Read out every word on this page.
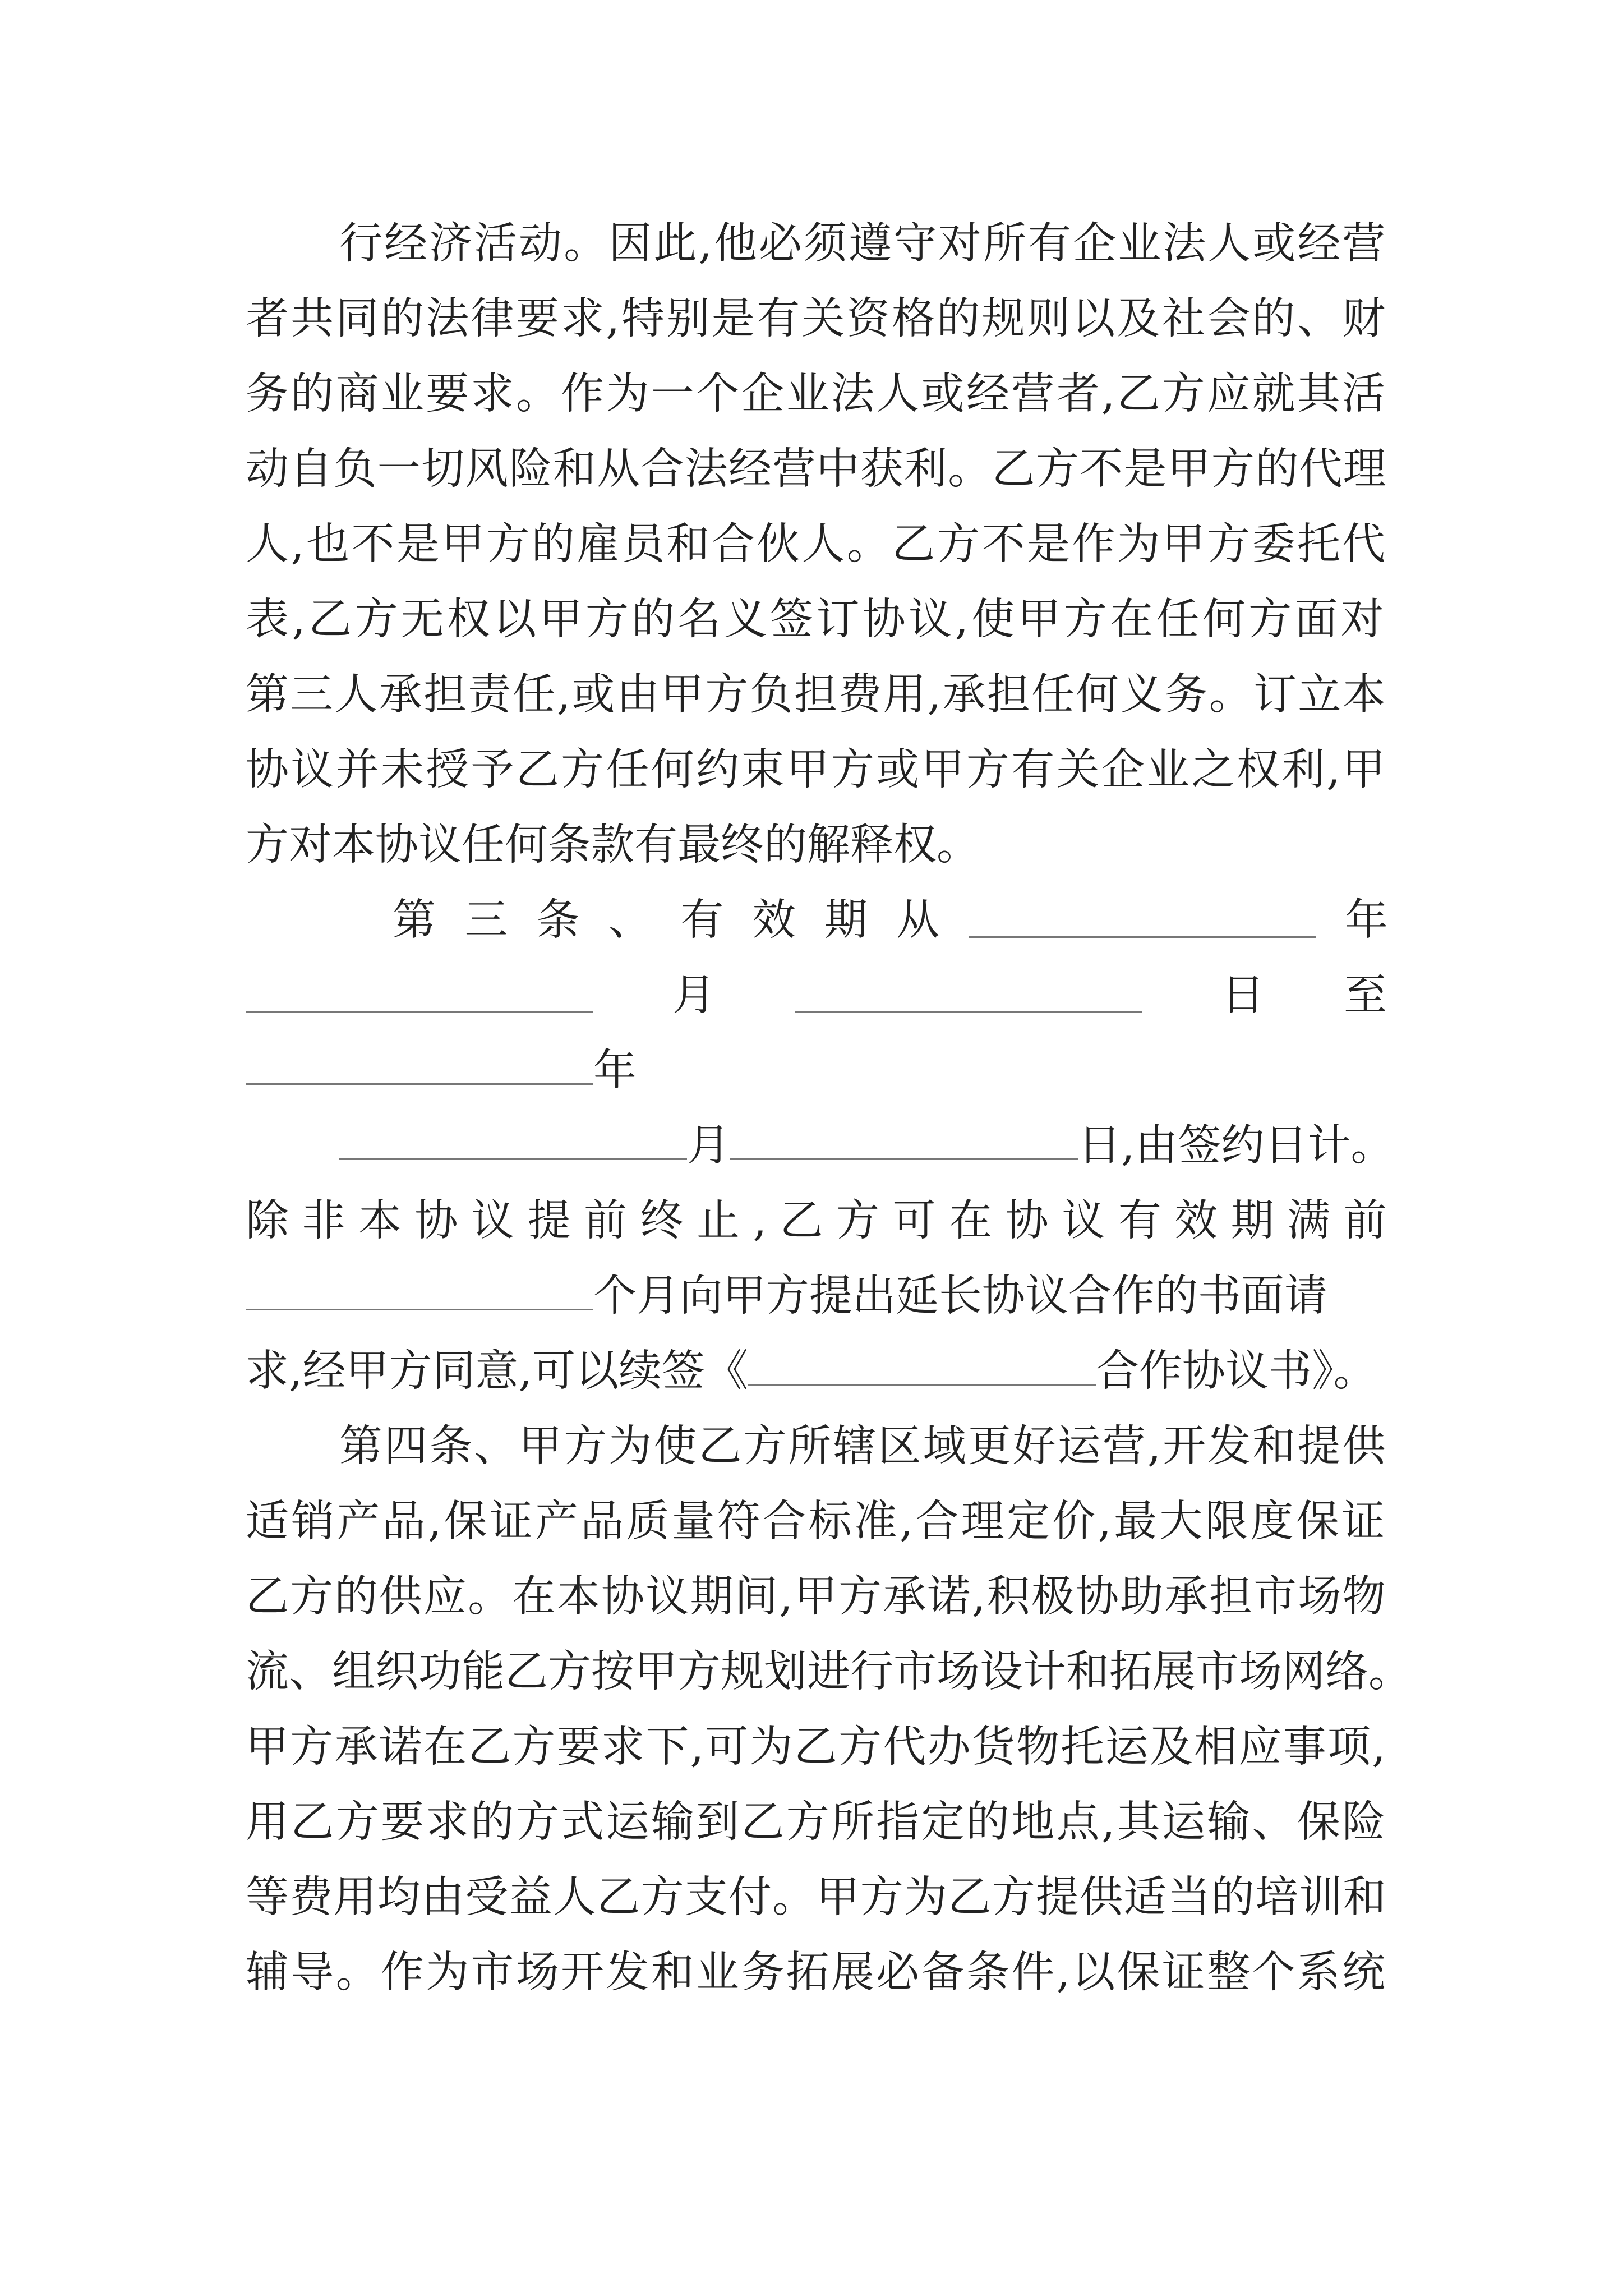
行经济活动。因此,他必须遵守对所有企业法人或经营
者共同的法律要求,特别是有关资格的规则以及社会的、财
务的商业要求。作为一个企业法人或经营者,乙方应就其活
动自负一切风险和从合法经营中获利。乙方不是甲方的代理
人,也不是甲方的雇员和合伙人。乙方不是作为甲方委托代
表,乙方无权以甲方的名义签订协议,使甲方在任何方面对
第三人承担责任,或由甲方负担费用,承担任何义务。订立本
协议并未授予乙方任何约束甲方或甲方有关企业之权利,甲
方对本协议任何条款有最终的解释权。
第 三 条 、 有 效 期 从	年
月	日 至
年
月	日,由签约日计。
除 非 本 协 议 提 前 终 止 , 乙 方 可 在 协 议 有 效 期 满 前
个月向甲方提出延长协议合作的书面请
求,经甲方同意,可以续签《	合作协议书》。
第四条、甲方为使乙方所辖区域更好运营,开发和提供
适销产品,保证产品质量符合标准,合理定价,最大限度保证
乙方的供应。在本协议期间,甲方承诺,积极协助承担市场物
流、组织功能乙方按甲方规划进行市场设计和拓展市场网络。
甲方承诺在乙方要求下,可为乙方代办货物托运及相应事项,
用乙方要求的方式运输到乙方所指定的地点,其运输、保险
等费用均由受益人乙方支付。甲方为乙方提供适当的培训和
辅导。作为市场开发和业务拓展必备条件,以保证整个系统
